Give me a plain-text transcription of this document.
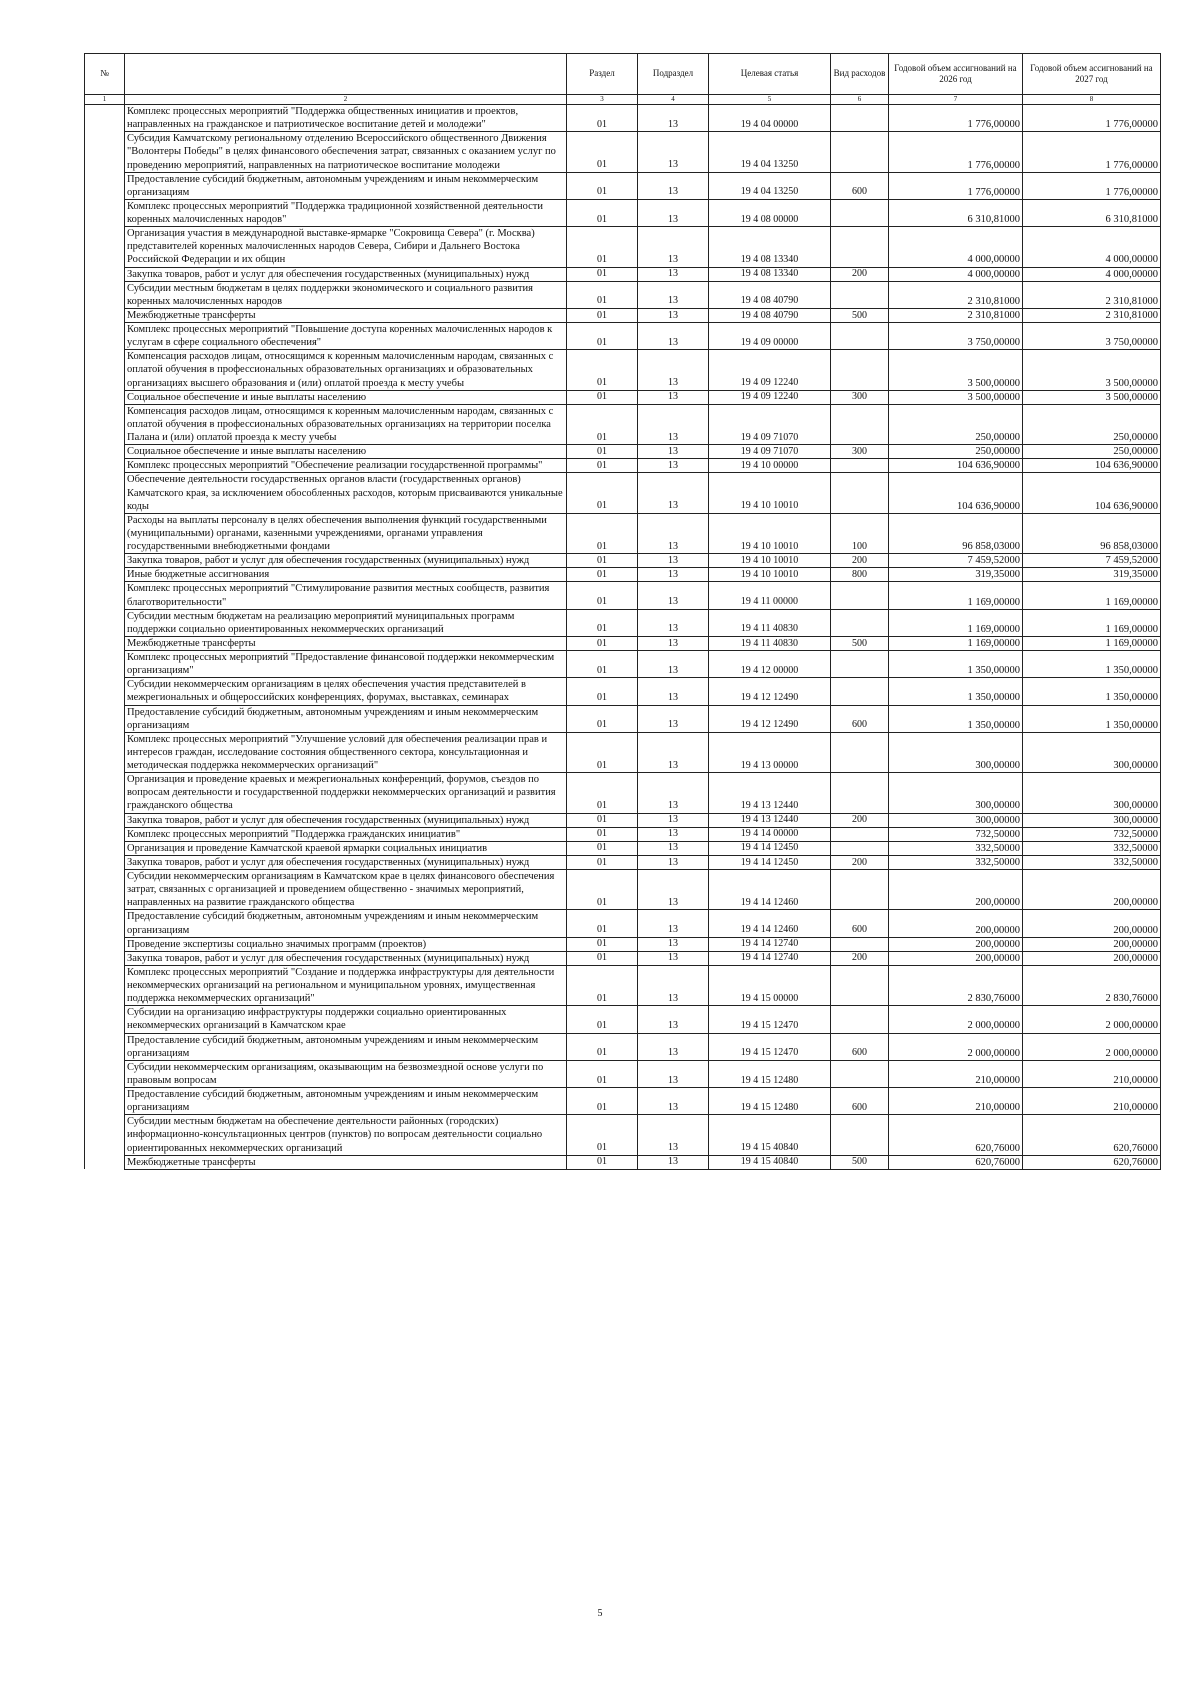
№		Раздел	Подраздел	Целевая статья	Вид расходов	Годовой объем ассигнований на 2026 год	Годовой объем ассигнований на 2027 год
1	2	3	4	5	6	7	8
	Комплекс процессных мероприятий "Поддержка общественных инициатив и проектов, направленных на гражданское и патриотическое воспитание детей и молодежи"	01	13	19 4 04 00000		1 776,00000	1 776,00000
	Субсидия Камчатскому региональному отделению Всероссийского общественного Движения "Волонтеры Победы" в целях финансового обеспечения затрат, связанных с оказанием услуг по проведению мероприятий, направленных на патриотическое воспитание молодежи	01	13	19 4 04 13250		1 776,00000	1 776,00000
	Предоставление субсидий бюджетным, автономным учреждениям и иным некоммерческим организациям	01	13	19 4 04 13250	600	1 776,00000	1 776,00000
	Комплекс процессных мероприятий "Поддержка традиционной хозяйственной деятельности коренных малочисленных народов"	01	13	19 4 08 00000		6 310,81000	6 310,81000
	Организация участия в международной выставке-ярмарке "Сокровища Севера" (г. Москва) представителей коренных малочисленных народов Севера, Сибири и Дальнего Востока Российской Федерации и их общин	01	13	19 4 08 13340		4 000,00000	4 000,00000
	Закупка товаров, работ и услуг для обеспечения государственных (муниципальных) нужд	01	13	19 4 08 13340	200	4 000,00000	4 000,00000
	Субсидии местным бюджетам в целях поддержки экономического и социального развития коренных малочисленных народов	01	13	19 4 08 40790		2 310,81000	2 310,81000
	Межбюджетные трансферты	01	13	19 4 08 40790	500	2 310,81000	2 310,81000
	Комплекс процессных мероприятий "Повышение доступа коренных малочисленных народов к услугам в сфере социального обеспечения"	01	13	19 4 09 00000		3 750,00000	3 750,00000
	Компенсация расходов лицам, относящимся к коренным малочисленным народам, связанных с оплатой обучения в профессиональных образовательных организациях и образовательных организациях высшего образования и (или) оплатой проезда к месту учебы	01	13	19 4 09 12240		3 500,00000	3 500,00000
	Социальное обеспечение и иные выплаты населению	01	13	19 4 09 12240	300	3 500,00000	3 500,00000
	Компенсация расходов лицам, относящимся к коренным малочисленным народам, связанных с оплатой обучения в профессиональных образовательных организациях на территории поселка Палана и (или) оплатой проезда к месту учебы	01	13	19 4 09 71070		250,00000	250,00000
	Социальное обеспечение и иные выплаты населению	01	13	19 4 09 71070	300	250,00000	250,00000
	Комплекс процессных мероприятий "Обеспечение реализации государственной программы"	01	13	19 4 10 00000		104 636,90000	104 636,90000
	Обеспечение деятельности государственных органов власти (государственных органов) Камчатского края, за исключением обособленных расходов, которым присваиваются уникальные коды	01	13	19 4 10 10010		104 636,90000	104 636,90000
	Расходы на выплаты персоналу в целях обеспечения выполнения функций государственными (муниципальными) органами, казенными учреждениями, органами управления государственными внебюджетными фондами	01	13	19 4 10 10010	100	96 858,03000	96 858,03000
	Закупка товаров, работ и услуг для обеспечения государственных (муниципальных) нужд	01	13	19 4 10 10010	200	7 459,52000	7 459,52000
	Иные бюджетные ассигнования	01	13	19 4 10 10010	800	319,35000	319,35000
	Комплекс процессных мероприятий "Стимулирование развития местных сообществ, развития благотворительности"	01	13	19 4 11 00000		1 169,00000	1 169,00000
	Субсидии местным бюджетам на реализацию мероприятий муниципальных программ поддержки социально ориентированных некоммерческих организаций	01	13	19 4 11 40830		1 169,00000	1 169,00000
	Межбюджетные трансферты	01	13	19 4 11 40830	500	1 169,00000	1 169,00000
	Комплекс процессных мероприятий "Предоставление финансовой поддержки некоммерческим организациям"	01	13	19 4 12 00000		1 350,00000	1 350,00000
	Субсидии некоммерческим организациям в целях обеспечения участия представителей в межрегиональных и общероссийских конференциях, форумах, выставках, семинарах	01	13	19 4 12 12490		1 350,00000	1 350,00000
	Предоставление субсидий бюджетным, автономным учреждениям и иным некоммерческим организациям	01	13	19 4 12 12490	600	1 350,00000	1 350,00000
	Комплекс процессных мероприятий "Улучшение условий для обеспечения реализации прав и интересов граждан, исследование состояния общественного сектора, консультационная и методическая поддержка некоммерческих организаций"	01	13	19 4 13 00000		300,00000	300,00000
	Организация и проведение краевых и межрегиональных конференций, форумов, съездов по вопросам деятельности и государственной поддержки некоммерческих организаций и развития гражданского общества	01	13	19 4 13 12440		300,00000	300,00000
	Закупка товаров, работ и услуг для обеспечения государственных (муниципальных) нужд	01	13	19 4 13 12440	200	300,00000	300,00000
	Комплекс процессных мероприятий "Поддержка гражданских инициатив"	01	13	19 4 14 00000		732,50000	732,50000
	Организация и проведение Камчатской краевой ярмарки социальных инициатив	01	13	19 4 14 12450		332,50000	332,50000
	Закупка товаров, работ и услуг для обеспечения государственных (муниципальных) нужд	01	13	19 4 14 12450	200	332,50000	332,50000
	Субсидии некоммерческим организациям в Камчатском крае в целях финансового обеспечения затрат, связанных с организацией и проведением общественно - значимых мероприятий, направленных на развитие гражданского общества	01	13	19 4 14 12460		200,00000	200,00000
	Предоставление субсидий бюджетным, автономным учреждениям и иным некоммерческим организациям	01	13	19 4 14 12460	600	200,00000	200,00000
	Проведение экспертизы социально значимых программ (проектов)	01	13	19 4 14 12740		200,00000	200,00000
	Закупка товаров, работ и услуг для обеспечения государственных (муниципальных) нужд	01	13	19 4 14 12740	200	200,00000	200,00000
	Комплекс процессных мероприятий "Создание и поддержка инфраструктуры для деятельности некоммерческих организаций на региональном и муниципальном уровнях, имущественная поддержка некоммерческих организаций"	01	13	19 4 15 00000		2 830,76000	2 830,76000
	Субсидии на организацию инфраструктуры поддержки социально ориентированных некоммерческих организаций в Камчатском крае	01	13	19 4 15 12470		2 000,00000	2 000,00000
	Предоставление субсидий бюджетным, автономным учреждениям и иным некоммерческим организациям	01	13	19 4 15 12470	600	2 000,00000	2 000,00000
	Субсидии некоммерческим организациям, оказывающим на безвозмездной основе услуги по правовым вопросам	01	13	19 4 15 12480		210,00000	210,00000
	Предоставление субсидий бюджетным, автономным учреждениям и иным некоммерческим организациям	01	13	19 4 15 12480	600	210,00000	210,00000
	Субсидии местным бюджетам на обеспечение деятельности районных (городских) информационно-консультационных центров (пунктов) по вопросам деятельности социально ориентированных некоммерческих организаций	01	13	19 4 15 40840		620,76000	620,76000
	Межбюджетные трансферты	01	13	19 4 15 40840	500	620,76000	620,76000
5
